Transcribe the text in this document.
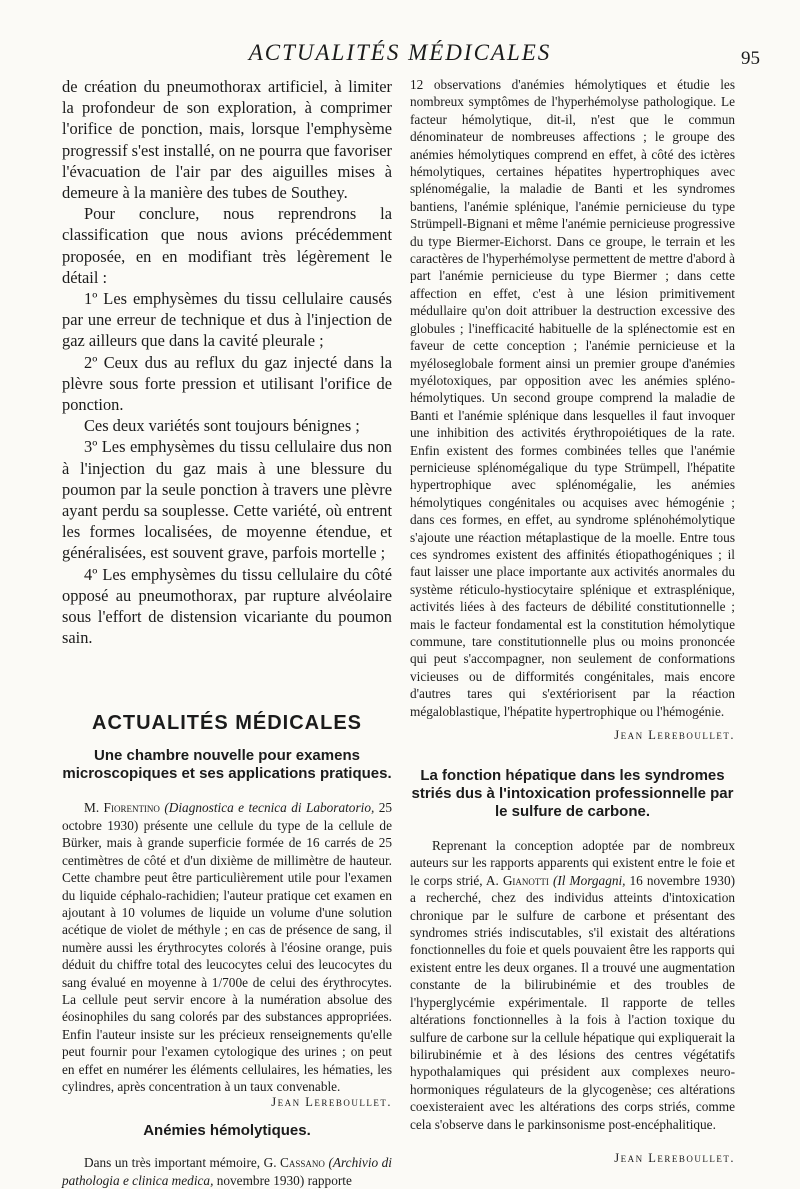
ACTUALITÉS MÉDICALES	95

de création du pneumothorax artificiel, à limiter la profondeur de son exploration, à comprimer l'orifice de ponction, mais, lorsque l'emphysème progressif s'est installé, on ne pourra que favoriser l'évacuation de l'air par des aiguilles mises à demeure à la manière des tubes de Southey.

Pour conclure, nous reprendrons la classification que nous avions précédemment proposée, en en modifiant très légèrement le détail :

1º Les emphysèmes du tissu cellulaire causés par une erreur de technique et dus à l'injection de gaz ailleurs que dans la cavité pleurale ;

2º Ceux dus au reflux du gaz injecté dans la plèvre sous forte pression et utilisant l'orifice de ponction.

Ces deux variétés sont toujours bénignes ;

3º Les emphysèmes du tissu cellulaire dus non à l'injection du gaz mais à une blessure du poumon par la seule ponction à travers une plèvre ayant perdu sa souplesse. Cette variété, où entrent les formes localisées, de moyenne étendue, et généralisées, est souvent grave, parfois mortelle ;

4º Les emphysèmes du tissu cellulaire du côté opposé au pneumothorax, par rupture alvéolaire sous l'effort de distension vicariante du poumon sain.

ACTUALITÉS MÉDICALES
Une chambre nouvelle pour examens microscopiques et ses applications pratiques.

M. Fiorentino (Diagnostica e tecnica di Laboratorio, 25 octobre 1930) présente une cellule du type de la cellule de Bürker, mais à grande superficie formée de 16 carrés de 25 centimètres de côté et d'un dixième de millimètre de hauteur. Cette chambre peut être particulièrement utile pour l'examen du liquide céphalo-rachidien; l'auteur pratique cet examen en ajoutant à 10 volumes de liquide un volume d'une solution acétique de violet de méthyle ; en cas de présence de sang, il numère aussi les érythrocytes colorés à l'éosine orange, puis déduit du chiffre total des leucocytes celui des leucocytes du sang évalué en moyenne à 1/700e de celui des érythrocytes. La cellule peut servir encore à la numération absolue des éosinophiles du sang colorés par des substances appropriées. Enfin l'auteur insiste sur les précieux renseignements qu'elle peut fournir pour l'examen cytologique des urines ; on peut en effet en numérer les éléments cellulaires, les hématies, les cylindres, après concentration à un taux convenable.

Jean Lereboullet.
Anémies hémolytiques.

Dans un très important mémoire, G. Cassano (Archivio di pathologia e clinica medica, novembre 1930) rapporte

12 observations d'anémies hémolytiques et étudie les nombreux symptômes de l'hyperhémolyse pathologique. Le facteur hémolytique, dit-il, n'est que le commun dénominateur de nombreuses affections ; le groupe des anémies hémolytiques comprend en effet, à côté des ictères hémolytiques, certaines hépatites hypertrophiques avec splénomégalie, la maladie de Banti et les syndromes bantiens, l'anémie splénique, l'anémie pernicieuse du type Strümpell-Bignani et même l'anémie pernicieuse progressive du type Biermer-Eichorst. Dans ce groupe, le terrain et les caractères de l'hyperhémolyse permettent de mettre d'abord à part l'anémie pernicieuse du type Biermer ; dans cette affection en effet, c'est à une lésion primitivement médullaire qu'on doit attribuer la destruction excessive des globules ; l'inefficacité habituelle de la splénectomie est en faveur de cette conception ; l'anémie pernicieuse et la myéloseglobale forment ainsi un premier groupe d'anémies myélotoxiques, par opposition avec les anémies spléno-hémolytiques. Un second groupe comprend la maladie de Banti et l'anémie splénique dans lesquelles il faut invoquer une inhibition des activités érythropoiétiques de la rate. Enfin existent des formes combinées telles que l'anémie pernicieuse splénomégalique du type Strümpell, l'hépatite hypertrophique avec splénomégalie, les anémies hémolytiques congénitales ou acquises avec hémogénie ; dans ces formes, en effet, au syndrome splénohémolytique s'ajoute une réaction métaplastique de la moelle. Entre tous ces syndromes existent des affinités étiopathogéniques ; il faut laisser une place importante aux activités anormales du système réticulo-hystiocytaire splénique et extrasplénique, activités liées à des facteurs de débilité constitutionnelle ; mais le facteur fondamental est la constitution hémolytique commune, tare constitutionnelle plus ou moins prononcée qui peut s'accompagner, non seulement de conformations vicieuses ou de difformités congénitales, mais encore d'autres tares qui s'extériorisent par la réaction mégaloblastique, l'hépatite hypertrophique ou l'hémogénie.

Jean Lereboullet.
La fonction hépatique dans les syndromes striés dus à l'intoxication professionnelle par le sulfure de carbone.

Reprenant la conception adoptée par de nombreux auteurs sur les rapports apparents qui existent entre le foie et le corps strié, A. Gianotti (Il Morgagni, 16 novembre 1930) a recherché, chez des individus atteints d'intoxication chronique par le sulfure de carbone et présentant des syndromes striés indiscutables, s'il existait des altérations fonctionnelles du foie et quels pouvaient être les rapports qui existent entre les deux organes. Il a trouvé une augmentation constante de la bilirubinémie et des troubles de l'hyperglycémie expérimentale. Il rapporte de telles altérations fonctionnelles à la fois à l'action toxique du sulfure de carbone sur la cellule hépatique qui expliquerait la bilirubinémie et à des lésions des centres végétatifs hypothalamiques qui président aux complexes neuro-hormoniques régulateurs de la glycogenèse; ces altérations coexisteraient avec les altérations des corps striés, comme cela s'observe dans le parkinsonisme post-encéphalitique.

Jean Lereboullet.
